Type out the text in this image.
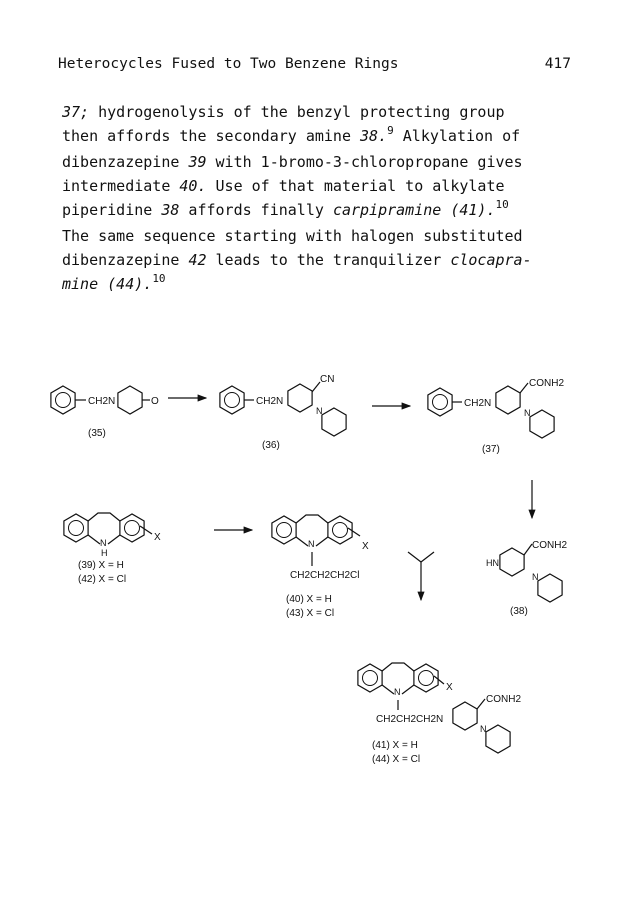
Heterocycles Fused to Two Benzene Rings	417
37; hydrogenolysis of the benzyl protecting group
then affords the secondary amine 38.$^9$ Alkylation of
dibenzazepine 39 with 1-bromo-3-chloropropane gives
intermediate 40. Use of that material to alkylate
piperidine 38 affords finally carpipramine (41).$^{10}$
The same sequence starting with halogen substituted
dibenzazepine 42 leads to the tranquilizer clocapra-
mine (44).$^{10}$
CH2N	O
(35)
CH2N
CN
N
(36)
CH2N
CONH2
N
(37)
X
N
H
(39) X = H
(42) X = Cl
X
N
CH2CH2CH2Cl
(40) X = H
(43) X = Cl
HN
CONH2
N
(38)
X
N
CH2CH2CH2N
CONH2
N
(41) X = H
(44) X = Cl
